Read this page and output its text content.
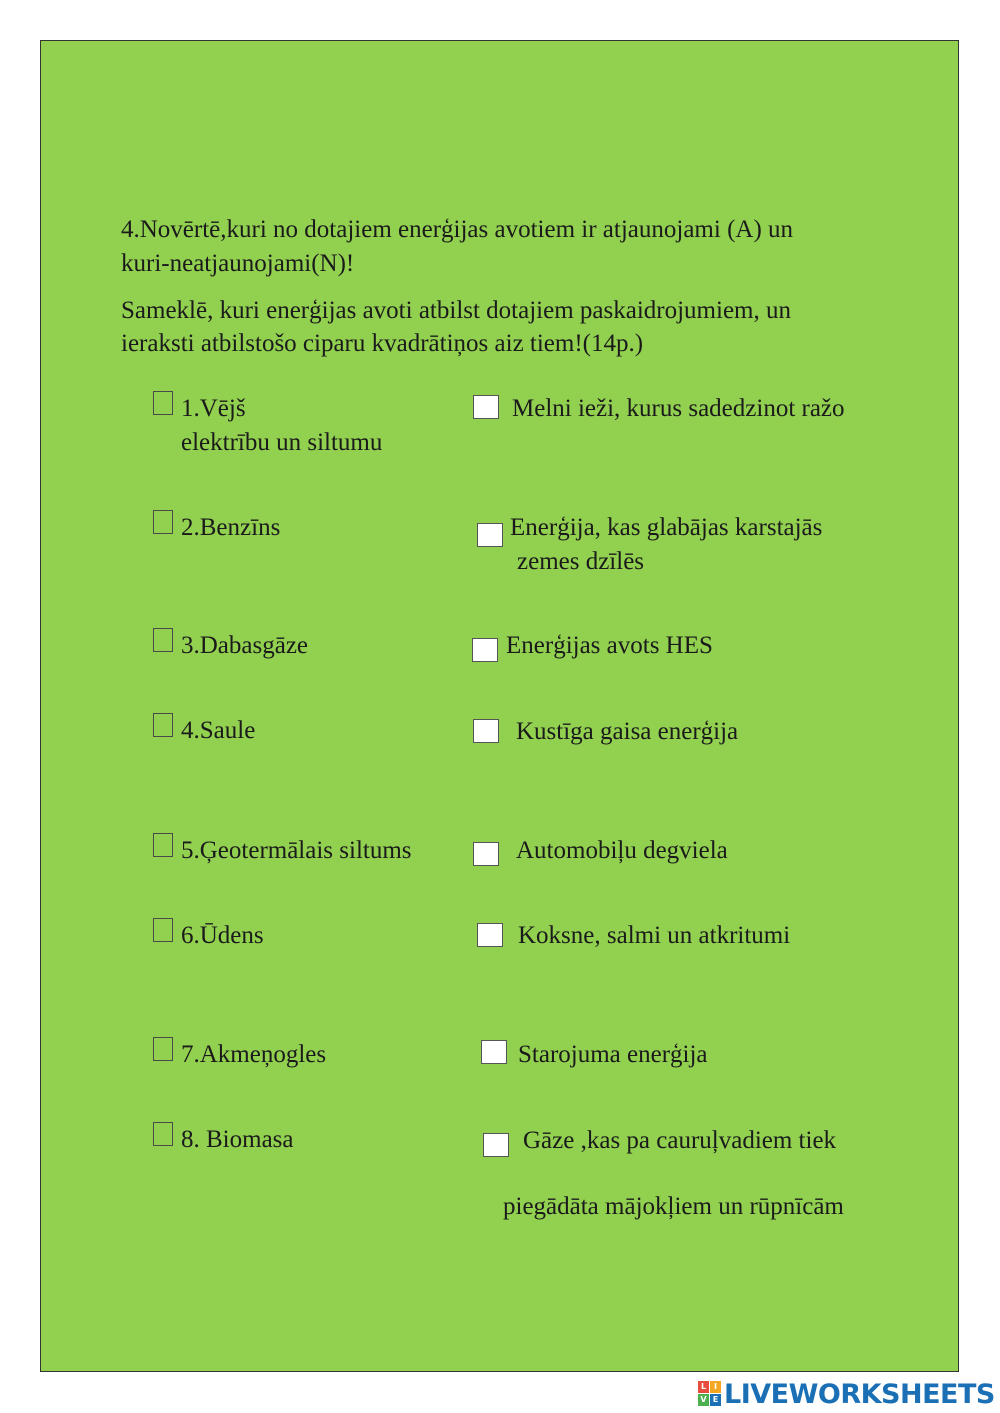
4.Novērtē,kuri no dotajiem enerģijas avotiem ir atjaunojami (A) un
kuri-neatjaunojami(N)!
Sameklē, kuri enerģijas avoti atbilst dotajiem paskaidrojumiem, un
ieraksti atbilstošo ciparu kvadrātiņos aiz tiem!(14p.)
1.Vējš
elektrību un siltumu
2.Benzīns
3.Dabasgāze
4.Saule
5.Ģeotermālais siltums
6.Ūdens
7.Akmeņogles
8. Biomasa
Melni ieži, kurus sadedzinot ražo
Enerģija, kas glabājas karstajās
zemes dzīlēs
Enerģijas avots HES
Kustīga gaisa enerģija
Automobiļu degviela
Koksne, salmi un atkritumi
Starojuma enerģija
Gāze ,kas pa cauruļvadiem tiek
piegādāta mājokļiem un rūpnīcām
L I
V E LIVEWORKSHEETS
